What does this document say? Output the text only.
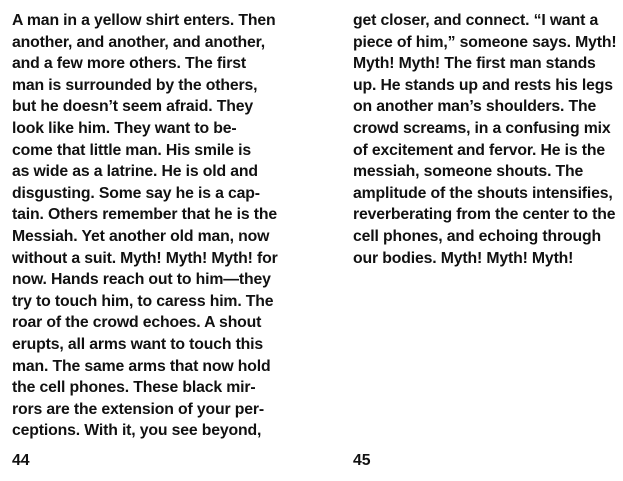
A man in a yellow shirt enters. Then
another, and another, and another,
and a few more others. The first
man is surrounded by the others,
but he doesn’t seem afraid. They
look like him. They want to be-
come that little man. His smile is
as wide as a latrine. He is old and
disgusting. Some say he is a cap-
tain. Others remember that he is the
Messiah. Yet another old man, now
without a suit. Myth! Myth! Myth! for
now. Hands reach out to him—they
try to touch him, to caress him. The
roar of the crowd echoes. A shout
erupts, all arms want to touch this
man. The same arms that now hold
the cell phones. These black mir-
rors are the extension of your per-
ceptions. With it, you see beyond,
get closer, and connect. “I want a
piece of him,” someone says. Myth!
Myth! Myth! The first man stands
up. He stands up and rests his legs
on another man’s shoulders. The
crowd screams, in a confusing mix
of excitement and fervor. He is the
messiah, someone shouts. The
amplitude of the shouts intensifies,
reverberating from the center to the
cell phones, and echoing through
our bodies. Myth! Myth! Myth!
44	45
